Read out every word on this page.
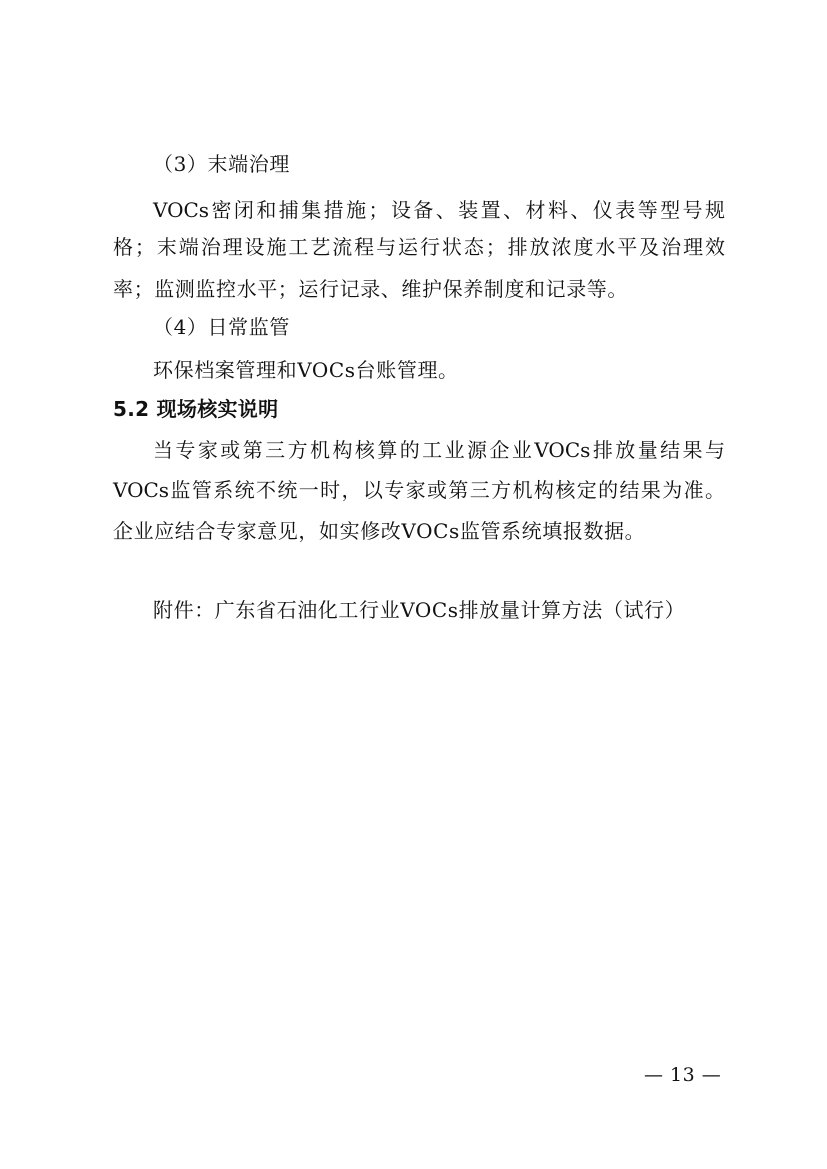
（3）末端治理
VOCs密闭和捕集措施；设备、装置、材料、仪表等型号规
格；末端治理设施工艺流程与运行状态；排放浓度水平及治理效
率；监测监控水平；运行记录、维护保养制度和记录等。
（4）日常监管
环保档案管理和VOCs台账管理。
5.2 现场核实说明
当专家或第三方机构核算的工业源企业VOCs排放量结果与
VOCs监管系统不统一时，以专家或第三方机构核定的结果为准。
企业应结合专家意见，如实修改VOCs监管系统填报数据。
附件：广东省石油化工行业VOCs排放量计算方法（试行）
— 13 —
